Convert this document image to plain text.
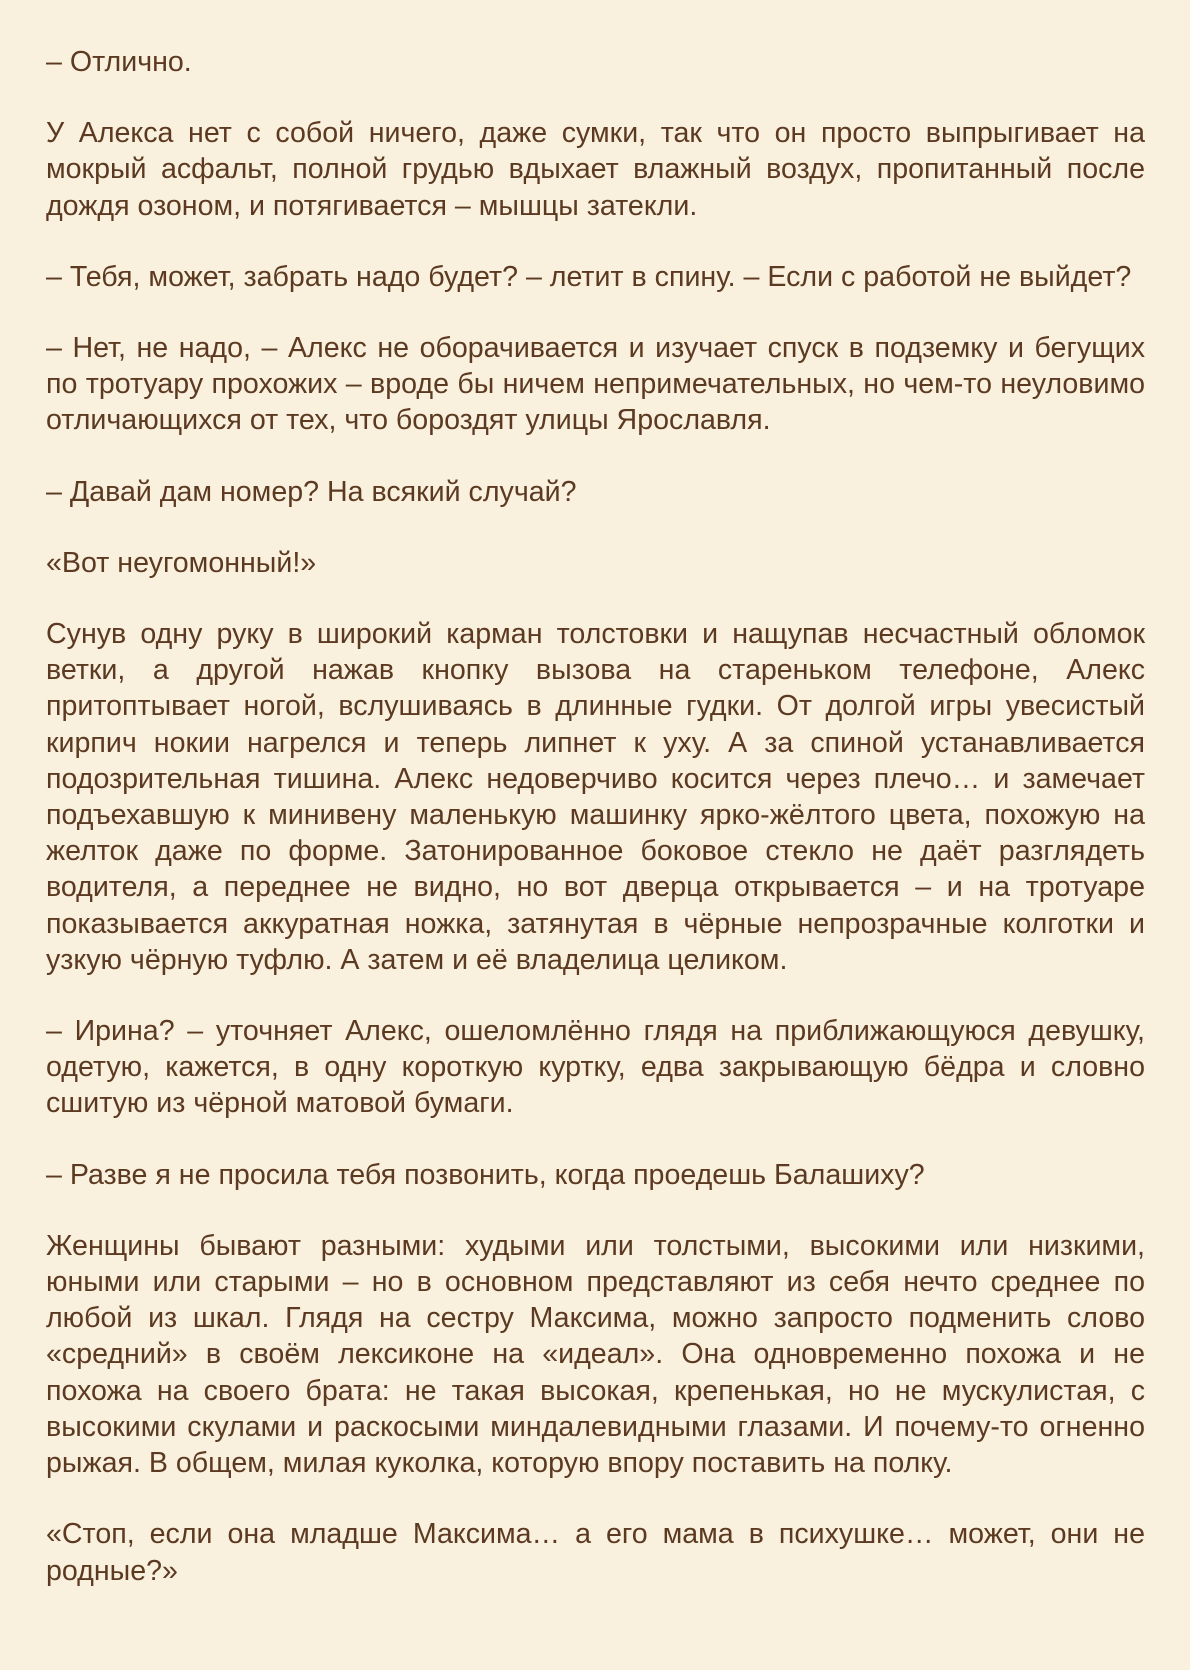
– Отлично.

У Алекса нет с собой ничего, даже сумки, так что он просто выпрыгивает на мокрый асфальт, полной грудью вдыхает влажный воздух, пропитанный после дождя озоном, и потягивается – мышцы затекли.

– Тебя, может, забрать надо будет? – летит в спину. – Если с работой не выйдет?

– Нет, не надо, – Алекс не оборачивается и изучает спуск в подземку и бегущих по тротуару прохожих – вроде бы ничем непримечательных, но чем-то неуловимо отличающихся от тех, что бороздят улицы Ярославля.

– Давай дам номер? На всякий случай?

«Вот неугомонный!»

Сунув одну руку в широкий карман толстовки и нащупав несчастный обломок ветки, а другой нажав кнопку вызова на стареньком телефоне, Алекс притоптывает ногой, вслушиваясь в длинные гудки. От долгой игры увесистый кирпич нокии нагрелся и теперь липнет к уху. А за спиной устанавливается подозрительная тишина. Алекс недоверчиво косится через плечо… и замечает подъехавшую к минивену маленькую машинку ярко-жёлтого цвета, похожую на желток даже по форме. Затонированное боковое стекло не даёт разглядеть водителя, а переднее не видно, но вот дверца открывается – и на тротуаре показывается аккуратная ножка, затянутая в чёрные непрозрачные колготки и узкую чёрную туфлю. А затем и её владелица целиком.

– Ирина? – уточняет Алекс, ошеломлённо глядя на приближающуюся девушку, одетую, кажется, в одну короткую куртку, едва закрывающую бёдра и словно сшитую из чёрной матовой бумаги.

– Разве я не просила тебя позвонить, когда проедешь Балашиху?

Женщины бывают разными: худыми или толстыми, высокими или низкими, юными или старыми – но в основном представляют из себя нечто среднее по любой из шкал. Глядя на сестру Максима, можно запросто подменить слово «средний» в своём лексиконе на «идеал». Она одновременно похожа и не похожа на своего брата: не такая высокая, крепенькая, но не мускулистая, с высокими скулами и раскосыми миндалевидными глазами. И почему-то огненно рыжая. В общем, милая куколка, которую впору поставить на полку.

«Стоп, если она младше Максима… а его мама в психушке… может, они не родные?»
